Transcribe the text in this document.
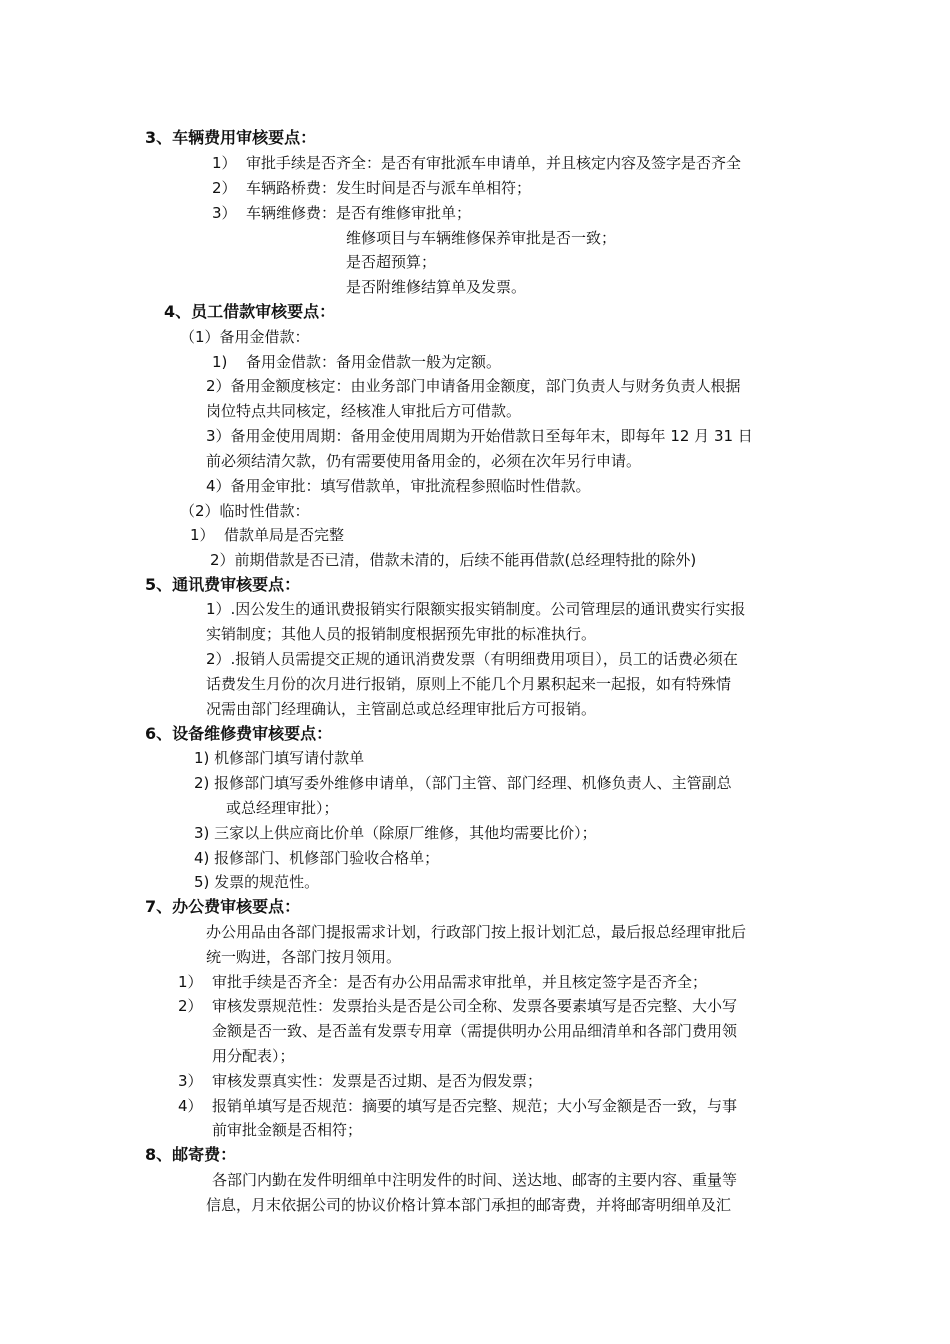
3、车辆费用审核要点：
1） 审批手续是否齐全：是否有审批派车申请单，并且核定内容及签字是否齐全
2） 车辆路桥费：发生时间是否与派车单相符；
3） 车辆维修费：是否有维修审批单；
维修项目与车辆维修保养审批是否一致；
是否超预算；
是否附维修结算单及发票。
4、员工借款审核要点：
（1）备用金借款：
1) 备用金借款：备用金借款一般为定额。
2）备用金额度核定：由业务部门申请备用金额度，部门负责人与财务负责人根据
岗位特点共同核定，经核准人审批后方可借款。
3）备用金使用周期：备用金使用周期为开始借款日至每年末，即每年 12 月 31 日
前必须结清欠款，仍有需要使用备用金的，必须在次年另行申请。
4）备用金审批：填写借款单，审批流程参照临时性借款。
（2）临时性借款：
1） 借款单局是否完整
2）前期借款是否已清，借款未清的，后续不能再借款(总经理特批的除外)
5、通讯费审核要点：
1）.因公发生的通讯费报销实行限额实报实销制度。公司管理层的通讯费实行实报
实销制度；其他人员的报销制度根据预先审批的标准执行。
2）.报销人员需提交正规的通讯消费发票（有明细费用项目），员工的话费必须在
话费发生月份的次月进行报销，原则上不能几个月累积起来一起报，如有特殊情
况需由部门经理确认，主管副总或总经理审批后方可报销。
6、设备维修费审核要点：
1) 机修部门填写请付款单
2) 报修部门填写委外维修申请单，（部门主管、部门经理、机修负责人、主管副总
或总经理审批）；
3) 三家以上供应商比价单（除原厂维修，其他均需要比价）；
4) 报修部门、机修部门验收合格单；
5) 发票的规范性。
7、办公费审核要点：
办公用品由各部门提报需求计划，行政部门按上报计划汇总，最后报总经理审批后
统一购进，各部门按月领用。
1） 审批手续是否齐全：是否有办公用品需求审批单，并且核定签字是否齐全；
2） 审核发票规范性：发票抬头是否是公司全称、发票各要素填写是否完整、大小写
金额是否一致、是否盖有发票专用章（需提供明办公用品细清单和各部门费用领
用分配表）；
3） 审核发票真实性：发票是否过期、是否为假发票；
4） 报销单填写是否规范：摘要的填写是否完整、规范；大小写金额是否一致，与事
前审批金额是否相符；
8、邮寄费：
各部门内勤在发件明细单中注明发件的时间、送达地、邮寄的主要内容、重量等
信息，月末依据公司的协议价格计算本部门承担的邮寄费，并将邮寄明细单及汇
